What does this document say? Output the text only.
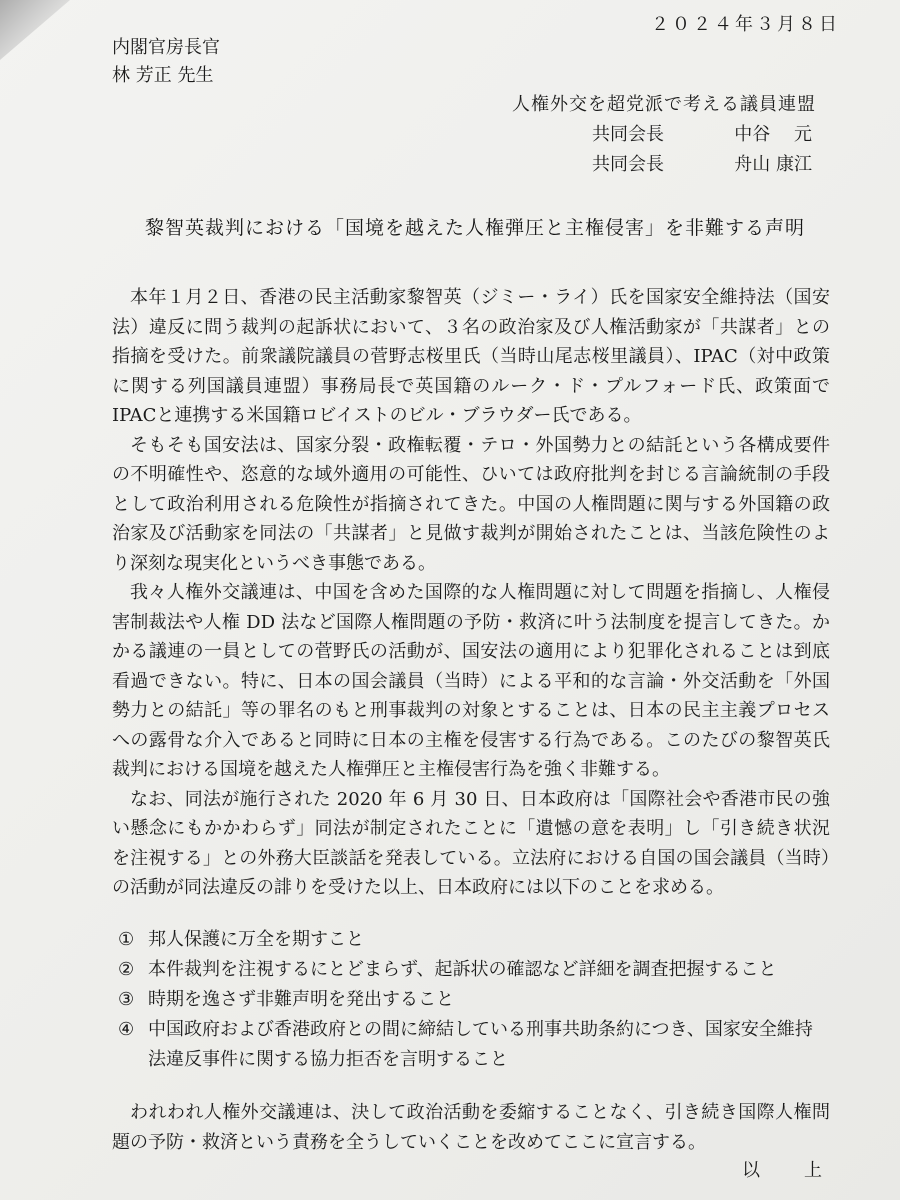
２０２４年３月８日
内閣官房長官
林 芳正 先生
人権外交を超党派で考える議員連盟
共同会長	中谷　 元
共同会長	舟山 康江
黎智英裁判における「国境を越えた人権弾圧と主権侵害」を非難する声明

本年１月２日、香港の民主活動家黎智英（ジミー・ライ）氏を国家安全維持法（国安法）違反に問う裁判の起訴状において、３名の政治家及び人権活動家が「共謀者」との指摘を受けた。前衆議院議員の菅野志桜里氏（当時山尾志桜里議員）、IPAC（対中政策に関する列国議員連盟）事務局長で英国籍のルーク・ド・プルフォード氏、政策面でIPACと連携する米国籍ロビイストのビル・ブラウダー氏である。

そもそも国安法は、国家分裂・政権転覆・テロ・外国勢力との結託という各構成要件の不明確性や、恣意的な域外適用の可能性、ひいては政府批判を封じる言論統制の手段として政治利用される危険性が指摘されてきた。中国の人権問題に関与する外国籍の政治家及び活動家を同法の「共謀者」と見做す裁判が開始されたことは、当該危険性のより深刻な現実化というべき事態である。

我々人権外交議連は、中国を含めた国際的な人権問題に対して問題を指摘し、人権侵害制裁法や人権 DD 法など国際人権問題の予防・救済に叶う法制度を提言してきた。かかる議連の一員としての菅野氏の活動が、国安法の適用により犯罪化されることは到底看過できない。特に、日本の国会議員（当時）による平和的な言論・外交活動を「外国勢力との結託」等の罪名のもと刑事裁判の対象とすることは、日本の民主主義プロセスへの露骨な介入であると同時に日本の主権を侵害する行為である。このたびの黎智英氏裁判における国境を越えた人権弾圧と主権侵害行為を強く非難する。

なお、同法が施行された 2020 年 6 月 30 日、日本政府は「国際社会や香港市民の強い懸念にもかかわらず」同法が制定されたことに「遺憾の意を表明」し「引き続き状況を注視する」との外務大臣談話を発表している。立法府における自国の国会議員（当時）の活動が同法違反の誹りを受けた以上、日本政府には以下のことを求める。

① 邦人保護に万全を期すこと
② 本件裁判を注視するにとどまらず、起訴状の確認など詳細を調査把握すること
③ 時期を逸さず非難声明を発出すること
④ 中国政府および香港政府との間に締結している刑事共助条約につき、国家安全維持法違反事件に関する協力拒否を言明すること

われわれ人権外交議連は、決して政治活動を委縮することなく、引き続き国際人権問題の予防・救済という責務を全うしていくことを改めてここに宣言する。

以 上
